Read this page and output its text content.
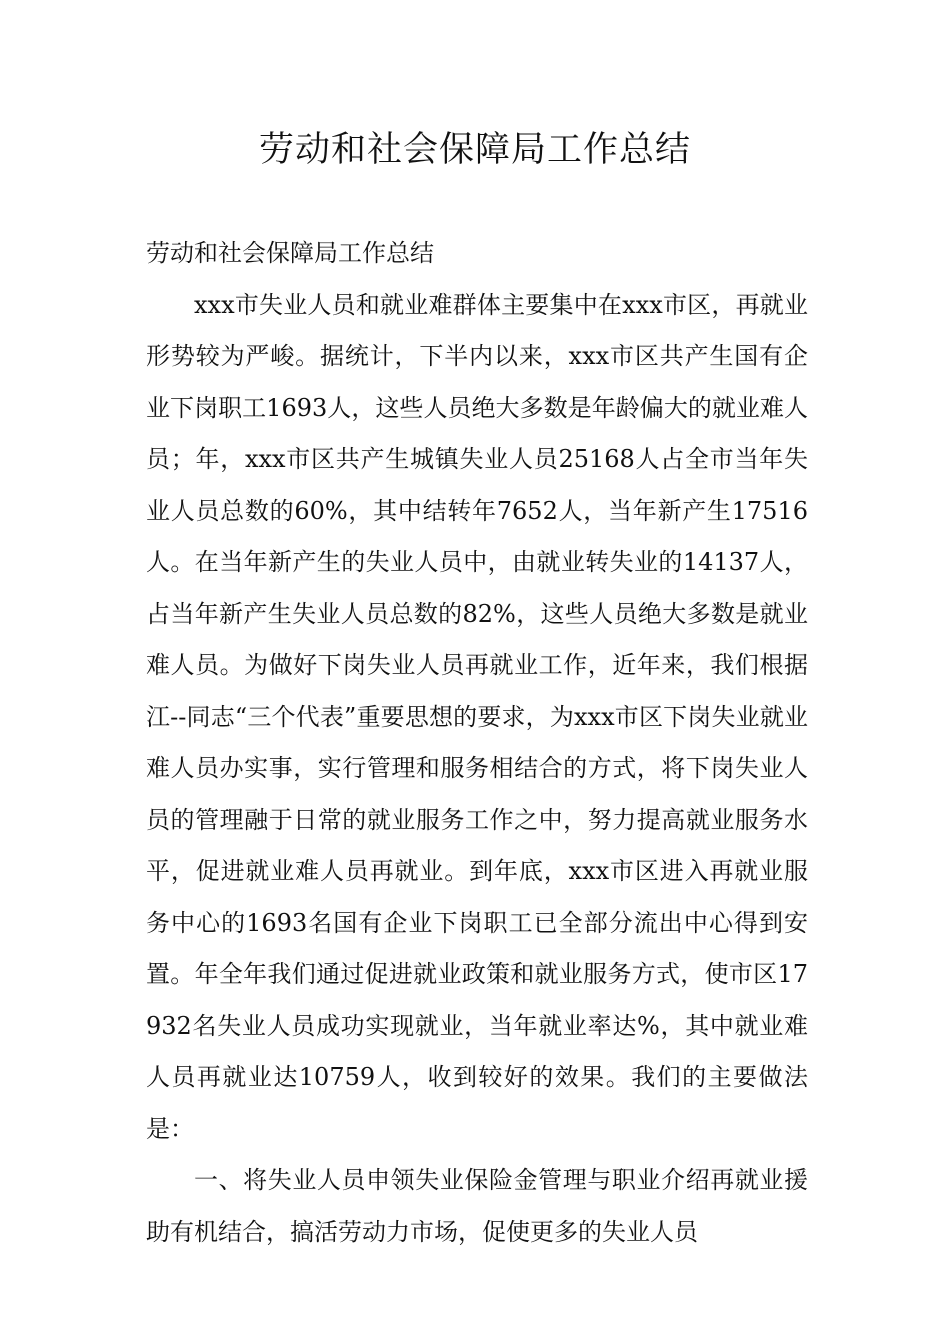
劳动和社会保障局工作总结

劳动和社会保障局工作总结

xxx市失业人员和就业难群体主要集中在xxx市区，再就业形势较为严峻。据统计，下半内以来，xxx市区共产生国有企业下岗职工1693人，这些人员绝大多数是年龄偏大的就业难人员；年，xxx市区共产生城镇失业人员25168人占全市当年失业人员总数的60%，其中结转年7652人，当年新产生17516人。在当年新产生的失业人员中，由就业转失业的14137人，占当年新产生失业人员总数的82%，这些人员绝大多数是就业难人员。为做好下岗失业人员再就业工作，近年来，我们根据江--同志“三个代表”重要思想的要求，为xxx市区下岗失业就业难人员办实事，实行管理和服务相结合的方式，将下岗失业人员的管理融于日常的就业服务工作之中，努力提高就业服务水平，促进就业难人员再就业。到年底，xxx市区进入再就业服务中心的1693名国有企业下岗职工已全部分流出中心得到安置。年全年我们通过促进就业政策和就业服务方式，使市区17932名失业人员成功实现就业，当年就业率达%，其中就业难人员再就业达10759人，收到较好的效果。我们的主要做法是：

一、将失业人员申领失业保险金管理与职业介绍再就业援助有机结合，搞活劳动力市场，促使更多的失业人员
